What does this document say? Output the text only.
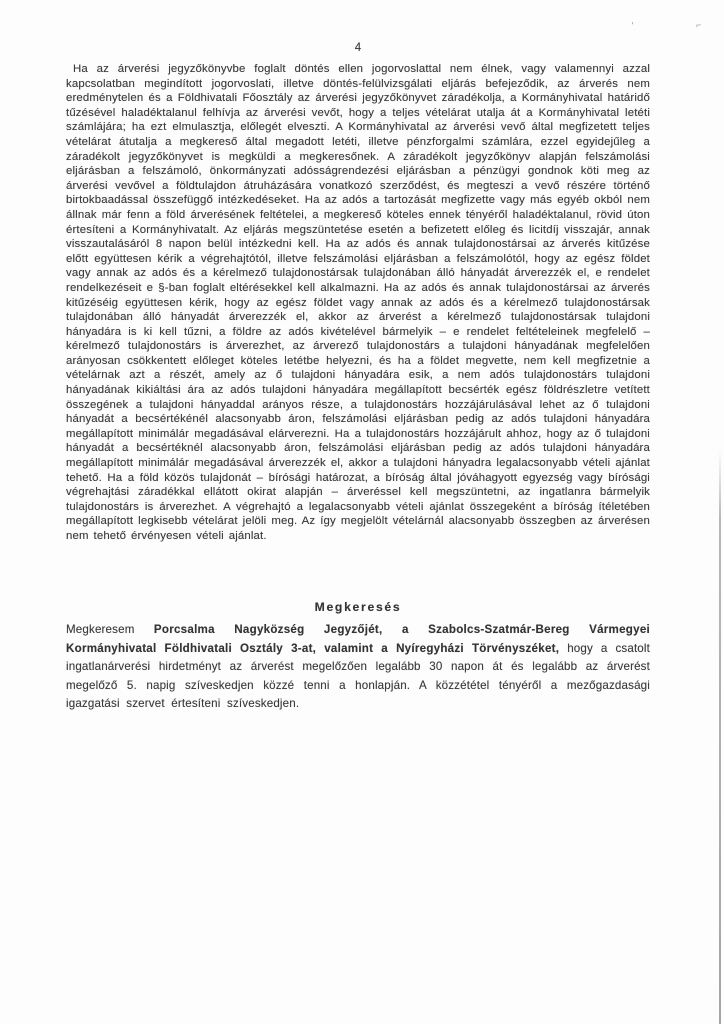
4
'	⌐
Ha az árverési jegyzőkönyvbe foglalt döntés ellen jogorvoslattal nem élnek, vagy valamennyi azzal kapcsolatban megindított jogorvoslati, illetve döntés-felülvizsgálati eljárás befejeződik, az árverés nem eredménytelen és a Földhivatali Főosztály az árverési jegyzőkönyvet záradékolja, a Kormányhivatal határidő tűzésével haladéktalanul felhívja az árverési vevőt, hogy a teljes vételárat utalja át a Kormányhivatal letéti számlájára; ha ezt elmulasztja, előlegét elveszti. A Kormányhivatal az árverési vevő által megfizetett teljes vételárat átutalja a megkereső által megadott letéti, illetve pénzforgalmi számlára, ezzel egyidejűleg a záradékolt jegyzőkönyvet is megküldi a megkeresőnek. A záradékolt jegyzőkönyv alapján felszámolási eljárásban a felszámoló, önkormányzati adósságrendezési eljárásban a pénzügyi gondnok köti meg az árverési vevővel a földtulajdon átruházására vonatkozó szerződést, és megteszi a vevő részére történő birtokbaadással összefüggő intézkedéseket. Ha az adós a tartozását megfizette vagy más egyéb okból nem állnak már fenn a föld árverésének feltételei, a megkereső köteles ennek tényéről haladéktalanul, rövid úton értesíteni a Kormányhivatalt. Az eljárás megszüntetése esetén a befizetett előleg és licitdíj visszajár, annak visszautalásáról 8 napon belül intézkedni kell. Ha az adós és annak tulajdonostársai az árverés kitűzése előtt együttesen kérik a végrehajtótól, illetve felszámolási eljárásban a felszámolótól, hogy az egész földet vagy annak az adós és a kérelmező tulajdonostársak tulajdonában álló hányadát árverezzék el, e rendelet rendelkezéseit e §-ban foglalt eltérésekkel kell alkalmazni. Ha az adós és annak tulajdonostársai az árverés kitűzéséig együttesen kérik, hogy az egész földet vagy annak az adós és a kérelmező tulajdonostársak tulajdonában álló hányadát árverezzék el, akkor az árverést a kérelmező tulajdonostársak tulajdoni hányadára is ki kell tűzni, a földre az adós kivételével bármelyik – e rendelet feltételeinek megfelelő – kérelmező tulajdonostárs is árverezhet, az árverező tulajdonostárs a tulajdoni hányadának megfelelően arányosan csökkentett előleget köteles letétbe helyezni, és ha a földet megvette, nem kell megfizetnie a vételárnak azt a részét, amely az ő tulajdoni hányadára esik, a nem adós tulajdonostárs tulajdoni hányadának kikiáltási ára az adós tulajdoni hányadára megállapított becsérték egész földrészletre vetített összegének a tulajdoni hányaddal arányos része, a tulajdonostárs hozzájárulásával lehet az ő tulajdoni hányadát a becsértékénél alacsonyabb áron, felszámolási eljárásban pedig az adós tulajdoni hányadára megállapított minimálár megadásával elárverezni. Ha a tulajdonostárs hozzájárult ahhoz, hogy az ő tulajdoni hányadát a becsértéknél alacsonyabb áron, felszámolási eljárásban pedig az adós tulajdoni hányadára megállapított minimálár megadásával árverezzék el, akkor a tulajdoni hányadra legalacsonyabb vételi ajánlat tehető. Ha a föld közös tulajdonát – bírósági határozat, a bíróság által jóváhagyott egyezség vagy bírósági végrehajtási záradékkal ellátott okirat alapján – árveréssel kell megszüntetni, az ingatlanra bármelyik tulajdonostárs is árverezhet. A végrehajtó a legalacsonyabb vételi ajánlat összegeként a bíróság ítéletében megállapított legkisebb vételárat jelöli meg. Az így megjelölt vételárnál alacsonyabb összegben az árverésen nem tehető érvényesen vételi ajánlat.
Megkeresés
Megkeresem Porcsalma Nagyközség Jegyzőjét, a Szabolcs-Szatmár-Bereg Vármegyei Kormányhivatal Földhivatali Osztály 3-at, valamint a Nyíregyházi Törvényszéket, hogy a csatolt ingatlanárverési hirdetményt az árverést megelőzően legalább 30 napon át és legalább az árverést megelőző 5. napig szíveskedjen közzé tenni a honlapján. A közzététel tényéről a mezőgazdasági igazgatási szervet értesíteni szíveskedjen.
